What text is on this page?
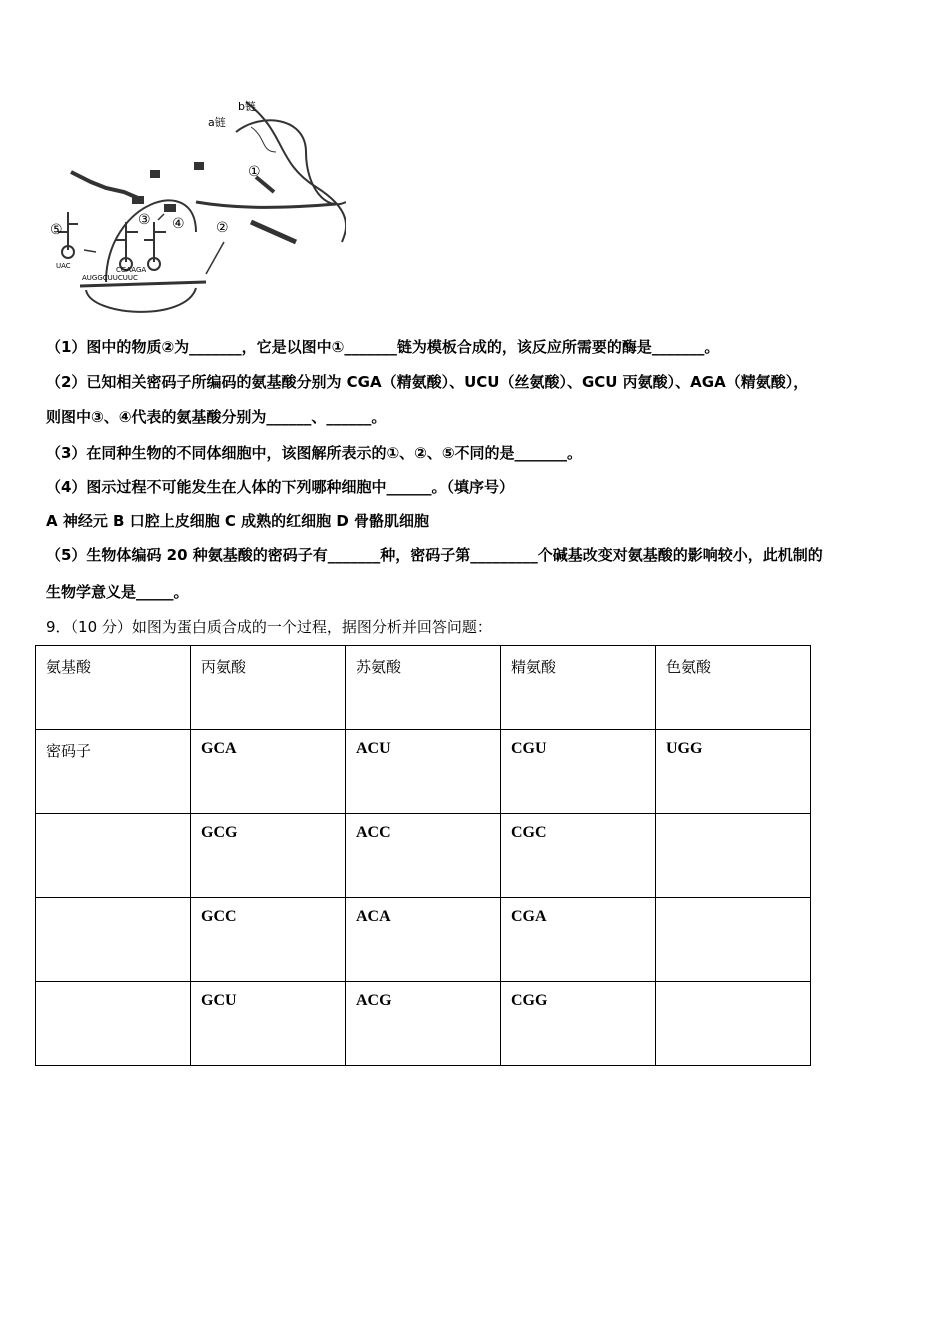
b链
a链
①
②
③ ④
⑤
UAC	CGAAGA
AUGGCUUCUUC
（1）图中的物质②为_______，它是以图中①_______链为模板合成的，该反应所需要的酶是_______。
（2）已知相关密码子所编码的氨基酸分别为 CGA（精氨酸）、UCU（丝氨酸）、GCU 丙氨酸）、AGA（精氨酸），
则图中③、④代表的氨基酸分别为______、______。
（3）在同种生物的不同体细胞中，该图解所表示的①、②、⑤不同的是_______。
（4）图示过程不可能发生在人体的下列哪种细胞中______。（填序号）
A 神经元 B 口腔上皮细胞 C 成熟的红细胞 D 骨骼肌细胞
（5）生物体编码 20 种氨基酸的密码子有_______种，密码子第_________个碱基改变对氨基酸的影响较小，此机制的
生物学意义是_____。
9．（10 分）如图为蛋白质合成的一个过程，据图分析并回答问题：
氨基酸	丙氨酸	苏氨酸	精氨酸	色氨酸
密码子	GCA	ACU	CGU	UGG
	GCG	ACC	CGC	
	GCC	ACA	CGA	
	GCU	ACG	CGG	
